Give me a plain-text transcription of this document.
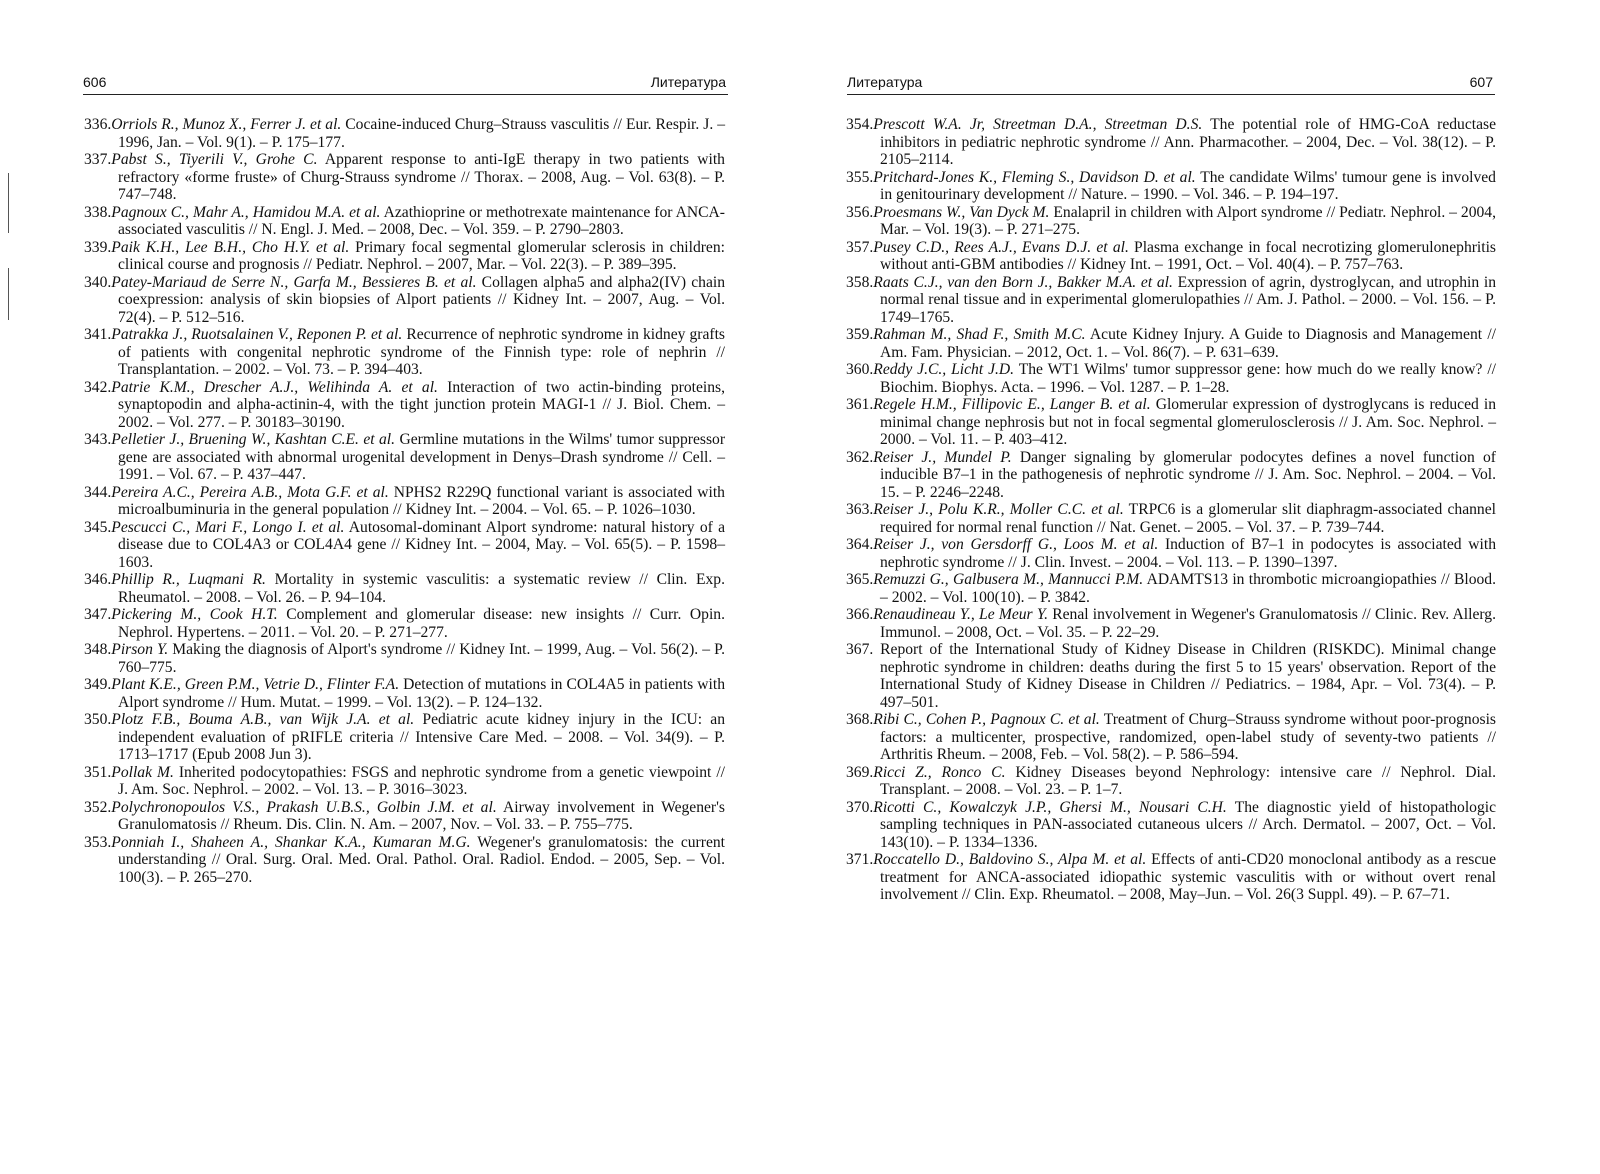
606	Литература
336.Orriols R., Munoz X., Ferrer J. et al. Cocaine-induced Churg–Strauss vasculitis // Eur. Respir. J. – 1996, Jan. – Vol. 9(1). – P. 175–177.
337.Pabst S., Tiyerili V., Grohe C. Apparent response to anti-IgE therapy in two patients with refractory «forme fruste» of Churg-Strauss syndrome // Thorax. – 2008, Aug. – Vol. 63(8). – P. 747–748.
338.Pagnoux C., Mahr A., Hamidou M.A. et al. Azathioprine or methotrexate maintenance for ANCA-associated vasculitis // N. Engl. J. Med. – 2008, Dec. – Vol. 359. – P. 2790–2803.
339.Paik K.H., Lee B.H., Cho H.Y. et al. Primary focal segmental glomerular sclerosis in children: clinical course and prognosis // Pediatr. Nephrol. – 2007, Mar. – Vol. 22(3). – P. 389–395.
340.Patey-Mariaud de Serre N., Garfa M., Bessieres B. et al. Collagen alpha5 and alpha2(IV) chain coexpression: analysis of skin biopsies of Alport patients // Kidney Int. – 2007, Aug. – Vol. 72(4). – P. 512–516.
341.Patrakka J., Ruotsalainen V., Reponen P. et al. Recurrence of nephrotic syndrome in kidney grafts of patients with congenital nephrotic syndrome of the Finnish type: role of nephrin // Transplantation. – 2002. – Vol. 73. – P. 394–403.
342.Patrie K.M., Drescher A.J., Welihinda A. et al. Interaction of two actin-binding proteins, synaptopodin and alpha-actinin-4, with the tight junction protein MAGI-1 // J. Biol. Chem. – 2002. – Vol. 277. – P. 30183–30190.
343.Pelletier J., Bruening W., Kashtan C.E. et al. Germline mutations in the Wilms' tumor suppressor gene are associated with abnormal urogenital development in Denys–Drash syndrome // Cell. – 1991. – Vol. 67. – P. 437–447.
344.Pereira A.C., Pereira A.B., Mota G.F. et al. NPHS2 R229Q functional variant is associated with microalbuminuria in the general population // Kidney Int. – 2004. – Vol. 65. – P. 1026–1030.
345.Pescucci C., Mari F., Longo I. et al. Autosomal-dominant Alport syndrome: natural history of a disease due to COL4A3 or COL4A4 gene // Kidney Int. – 2004, May. – Vol. 65(5). – P. 1598–1603.
346.Phillip R., Luqmani R. Mortality in systemic vasculitis: a systematic review // Clin. Exp. Rheumatol. – 2008. – Vol. 26. – P. 94–104.
347.Pickering M., Cook H.T. Complement and glomerular disease: new insights // Curr. Opin. Nephrol. Hypertens. – 2011. – Vol. 20. – P. 271–277.
348.Pirson Y. Making the diagnosis of Alport's syndrome // Kidney Int. – 1999, Aug. – Vol. 56(2). – P. 760–775.
349.Plant K.E., Green P.M., Vetrie D., Flinter F.A. Detection of mutations in COL4A5 in patients with Alport syndrome // Hum. Mutat. – 1999. – Vol. 13(2). – P. 124–132.
350.Plotz F.B., Bouma A.B., van Wijk J.A. et al. Pediatric acute kidney injury in the ICU: an independent evaluation of pRIFLE criteria // Intensive Care Med. – 2008. – Vol. 34(9). – P. 1713–1717 (Epub 2008 Jun 3).
351.Pollak M. Inherited podocytopathies: FSGS and nephrotic syndrome from a genetic viewpoint // J. Am. Soc. Nephrol. – 2002. – Vol. 13. – P. 3016–3023.
352.Polychronopoulos V.S., Prakash U.B.S., Golbin J.M. et al. Airway involvement in Wegener's Granulomatosis // Rheum. Dis. Clin. N. Am. – 2007, Nov. – Vol. 33. – P. 755–775.
353.Ponniah I., Shaheen A., Shankar K.A., Kumaran M.G. Wegener's granulomatosis: the current understanding // Oral. Surg. Oral. Med. Oral. Pathol. Oral. Radiol. Endod. – 2005, Sep. – Vol. 100(3). – P. 265–270.
Литература	607
354.Prescott W.A. Jr, Streetman D.A., Streetman D.S. The potential role of HMG-CoA reductase inhibitors in pediatric nephrotic syndrome // Ann. Pharmacother. – 2004, Dec. – Vol. 38(12). – P. 2105–2114.
355.Pritchard-Jones K., Fleming S., Davidson D. et al. The candidate Wilms' tumour gene is involved in genitourinary development // Nature. – 1990. – Vol. 346. – P. 194–197.
356.Proesmans W., Van Dyck M. Enalapril in children with Alport syndrome // Pediatr. Nephrol. – 2004, Mar. – Vol. 19(3). – P. 271–275.
357.Pusey C.D., Rees A.J., Evans D.J. et al. Plasma exchange in focal necrotizing glomerulonephritis without anti-GBM antibodies // Kidney Int. – 1991, Oct. – Vol. 40(4). – P. 757–763.
358.Raats C.J., van den Born J., Bakker M.A. et al. Expression of agrin, dystroglycan, and utrophin in normal renal tissue and in experimental glomerulopathies // Am. J. Pathol. – 2000. – Vol. 156. – P. 1749–1765.
359.Rahman M., Shad F., Smith M.C. Acute Kidney Injury. A Guide to Diagnosis and Management // Am. Fam. Physician. – 2012, Oct. 1. – Vol. 86(7). – P. 631–639.
360.Reddy J.C., Licht J.D. The WT1 Wilms' tumor suppressor gene: how much do we really know? // Biochim. Biophys. Acta. – 1996. – Vol. 1287. – P. 1–28.
361.Regele H.M., Fillipovic E., Langer B. et al. Glomerular expression of dystroglycans is reduced in minimal change nephrosis but not in focal segmental glomerulosclerosis // J. Am. Soc. Nephrol. – 2000. – Vol. 11. – P. 403–412.
362.Reiser J., Mundel P. Danger signaling by glomerular podocytes defines a novel function of inducible B7–1 in the pathogenesis of nephrotic syndrome // J. Am. Soc. Nephrol. – 2004. – Vol. 15. – P. 2246–2248.
363.Reiser J., Polu K.R., Moller C.C. et al. TRPC6 is a glomerular slit diaphragm-associated channel required for normal renal function // Nat. Genet. – 2005. – Vol. 37. – P. 739–744.
364.Reiser J., von Gersdorff G., Loos M. et al. Induction of B7–1 in podocytes is associated with nephrotic syndrome // J. Clin. Invest. – 2004. – Vol. 113. – P. 1390–1397.
365.Remuzzi G., Galbusera M., Mannucci P.M. ADAMTS13 in thrombotic microangiopathies // Blood. – 2002. – Vol. 100(10). – P. 3842.
366.Renaudineau Y., Le Meur Y. Renal involvement in Wegener's Granulomatosis // Clinic. Rev. Allerg. Immunol. – 2008, Oct. – Vol. 35. – P. 22–29.
367. Report of the International Study of Kidney Disease in Children (RISKDC). Minimal change nephrotic syndrome in children: deaths during the first 5 to 15 years' observation. Report of the International Study of Kidney Disease in Children // Pediatrics. – 1984, Apr. – Vol. 73(4). – P. 497–501.
368.Ribi C., Cohen P., Pagnoux C. et al. Treatment of Churg–Strauss syndrome without poor-prognosis factors: a multicenter, prospective, randomized, open-label study of seventy-two patients // Arthritis Rheum. – 2008, Feb. – Vol. 58(2). – P. 586–594.
369.Ricci Z., Ronco C. Kidney Diseases beyond Nephrology: intensive care // Nephrol. Dial. Transplant. – 2008. – Vol. 23. – P. 1–7.
370.Ricotti C., Kowalczyk J.P., Ghersi M., Nousari C.H. The diagnostic yield of histopathologic sampling techniques in PAN-associated cutaneous ulcers // Arch. Dermatol. – 2007, Oct. – Vol. 143(10). – P. 1334–1336.
371.Roccatello D., Baldovino S., Alpa M. et al. Effects of anti-CD20 monoclonal antibody as a rescue treatment for ANCA-associated idiopathic systemic vasculitis with or without overt renal involvement // Clin. Exp. Rheumatol. – 2008, May–Jun. – Vol. 26(3 Suppl. 49). – P. 67–71.
